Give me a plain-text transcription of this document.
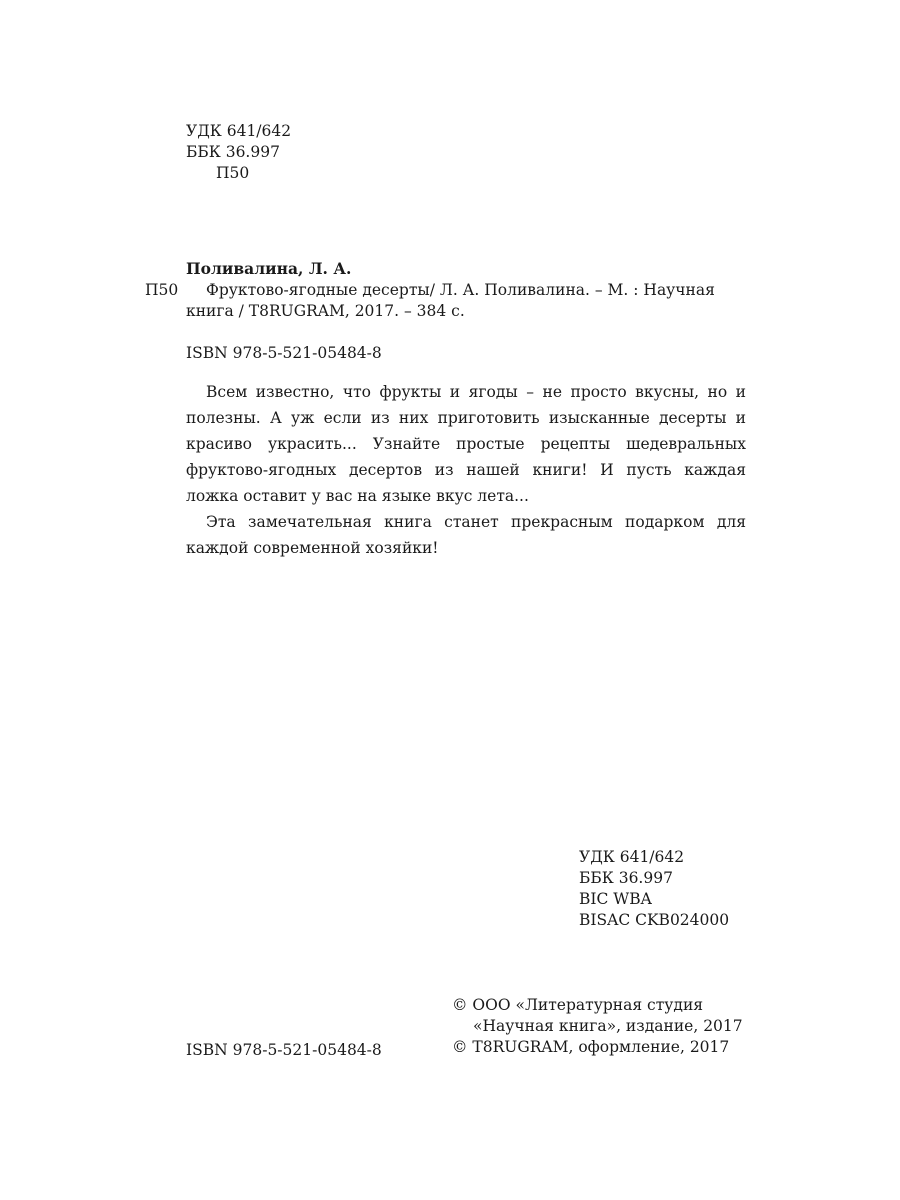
УДК 641/642
ББК 36.997
П50
Поливалина, Л. А.
П50	Фруктово-ягодные десерты/ Л. А. Поливалина. – М. : Научная
книга / T8RUGRAM, 2017. – 384 с.
ISBN 978-5-521-05484-8

Всем известно, что фрукты и ягоды – не просто вкусны, но и полезны. А уж если из них приготовить изысканные десерты и красиво украсить... Узнайте простые рецепты шедевральных фруктово-ягодных десертов из нашей книги! И пусть каждая ложка оставит у вас на языке вкус лета...

Эта замечательная книга станет прекрасным подарком для каждой современной хозяйки!

УДК 641/642
ББК 36.997
BIC WBA
BISAC CKB024000
© ООО «Литературная студия
«Научная книга», издание, 2017
© T8RUGRAM, оформление, 2017
ISBN 978-5-521-05484-8
